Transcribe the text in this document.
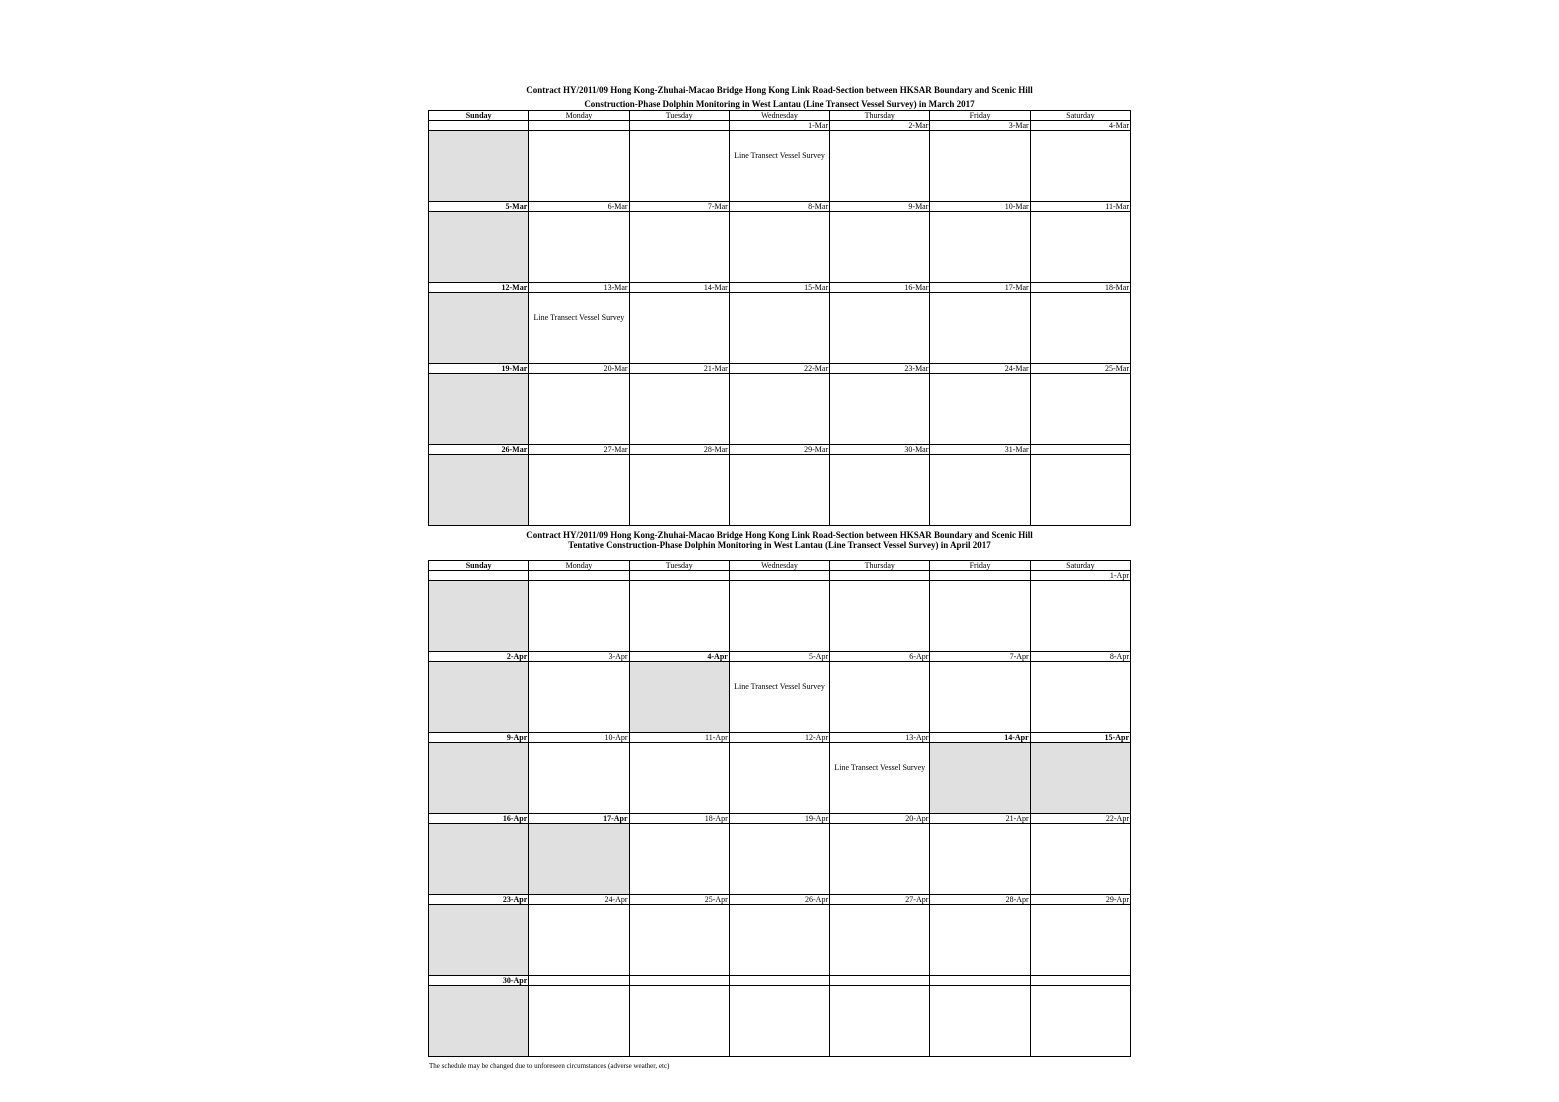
Contract HY/2011/09 Hong Kong-Zhuhai-Macao Bridge Hong Kong Link Road-Section between HKSAR Boundary and Scenic Hill
Construction-Phase Dolphin Monitoring in West Lantau (Line Transect Vessel Survey) in March 2017
Sunday	Monday	Tuesday	Wednesday	Thursday	Friday	Saturday
			1-Mar	2-Mar	3-Mar	4-Mar

			Line Transect Vessel Survey			

5-Mar	6-Mar	7-Mar	8-Mar	9-Mar	10-Mar	11-Mar

12-Mar	13-Mar	14-Mar	15-Mar	16-Mar	17-Mar	18-Mar

	Line Transect Vessel Survey					

19-Mar	20-Mar	21-Mar	22-Mar	23-Mar	24-Mar	25-Mar

26-Mar	27-Mar	28-Mar	29-Mar	30-Mar	31-Mar	

Contract HY/2011/09 Hong Kong-Zhuhai-Macao Bridge Hong Kong Link Road-Section between HKSAR Boundary and Scenic Hill
Tentative Construction-Phase Dolphin Monitoring in West Lantau (Line Transect Vessel Survey) in April 2017
Sunday	Monday	Tuesday	Wednesday	Thursday	Friday	Saturday
						1-Apr

2-Apr	3-Apr	4-Apr	5-Apr	6-Apr	7-Apr	8-Apr

			Line Transect Vessel Survey			

9-Apr	10-Apr	11-Apr	12-Apr	13-Apr	14-Apr	15-Apr

				Line Transect Vessel Survey		

16-Apr	17-Apr	18-Apr	19-Apr	20-Apr	21-Apr	22-Apr

23-Apr	24-Apr	25-Apr	26-Apr	27-Apr	28-Apr	29-Apr

30-Apr						

The schedule may be changed due to unforeseen circumstances (adverse weather, etc)
